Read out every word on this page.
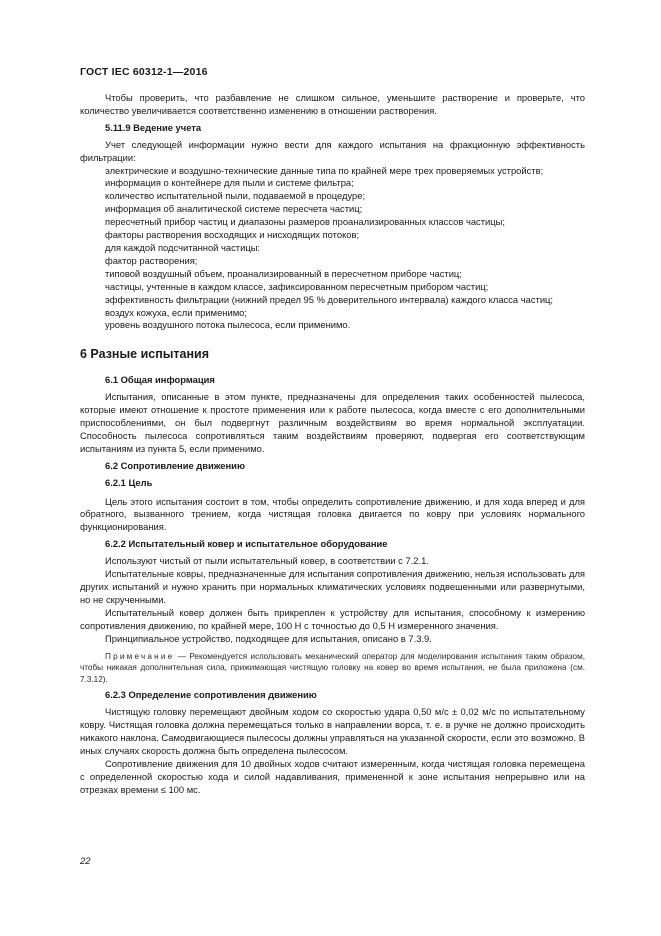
ГОСТ IEC 60312-1—2016

Чтобы проверить, что разбавление не слишком сильное, уменьшите растворение и проверьте, что количество увеличивается соответственно изменению в отношении растворения.

5.11.9 Ведение учета

Учет следующей информации нужно вести для каждого испытания на фракционную эффективность фильтрации:

электрические и воздушно-технические данные типа по крайней мере трех проверяемых устройств;

информация о контейнере для пыли и системе фильтра;

количество испытательной пыли, подаваемой в процедуре;

информация об аналитической системе пересчета частиц;

пересчетный прибор частиц и диапазоны размеров проанализированных классов частицы;

факторы растворения восходящих и нисходящих потоков;

для каждой подсчитанной частицы:

фактор растворения;

типовой воздушный объем, проанализированный в пересчетном приборе частиц;

частицы, учтенные в каждом классе, зафиксированном пересчетным прибором частиц;

эффективность фильтрации (нижний предел 95 % доверительного интервала) каждого класса частиц;

воздух кожуха, если применимо;

уровень воздушного потока пылесоса, если применимо.

6 Разные испытания

6.1 Общая информация

Испытания, описанные в этом пункте, предназначены для определения таких особенностей пылесоса, которые имеют отношение к простоте применения или к работе пылесоса, когда вместе с его дополнительными приспособлениями, он был подвергнут различным воздействиям во время нормальной эксплуатации. Способность пылесоса сопротивляться таким воздействиям проверяют, подвергая его соответствующим испытаниям из пункта 5, если применимо.

6.2 Сопротивление движению

6.2.1 Цель

Цель этого испытания состоит в том, чтобы определить сопротивление движению, и для хода вперед и для обратного, вызванного трением, когда чистящая головка двигается по ковру при условиях нормального функционирования.

6.2.2 Испытательный ковер и испытательное оборудование

Используют чистый от пыли испытательный ковер, в соответствии с 7.2.1.

Испытательные ковры, предназначенные для испытания сопротивления движению, нельзя использовать для других испытаний и нужно хранить при нормальных климатических условиях подвешенными или развернутыми, но не скрученными.

Испытательный ковер должен быть прикреплен к устройству для испытания, способному к измерению сопротивления движению, по крайней мере, 100 Н с точностью до 0,5 Н измеренного значения.

Принципиальное устройство, подходящее для испытания, описано в 7.3.9.

Примечание — Рекомендуется использовать механический оператор для моделирования испытания таким образом, чтобы никакая дополнительная сила, прижимающая чистящую головку на ковер во время испытания, не была приложена (см. 7.3.12).

6.2.3 Определение сопротивления движению

Чистящую головку перемещают двойным ходом со скоростью удара 0,50 м/с ± 0,02 м/с по испытательному ковру. Чистящая головка должна перемещаться только в направлении ворса, т. е. в ручке не должно происходить никакого наклона. Самодвигающиеся пылесосы должны управляться на указанной скорости, если это возможно. В иных случаях скорость должна быть определена пылесосом.

Сопротивление движения для 10 двойных ходов считают измеренным, когда чистящая головка перемещена с определенной скоростью хода и силой надавливания, примененной к зоне испытания непрерывно или на отрезках времени ≤ 100 мс.

22
